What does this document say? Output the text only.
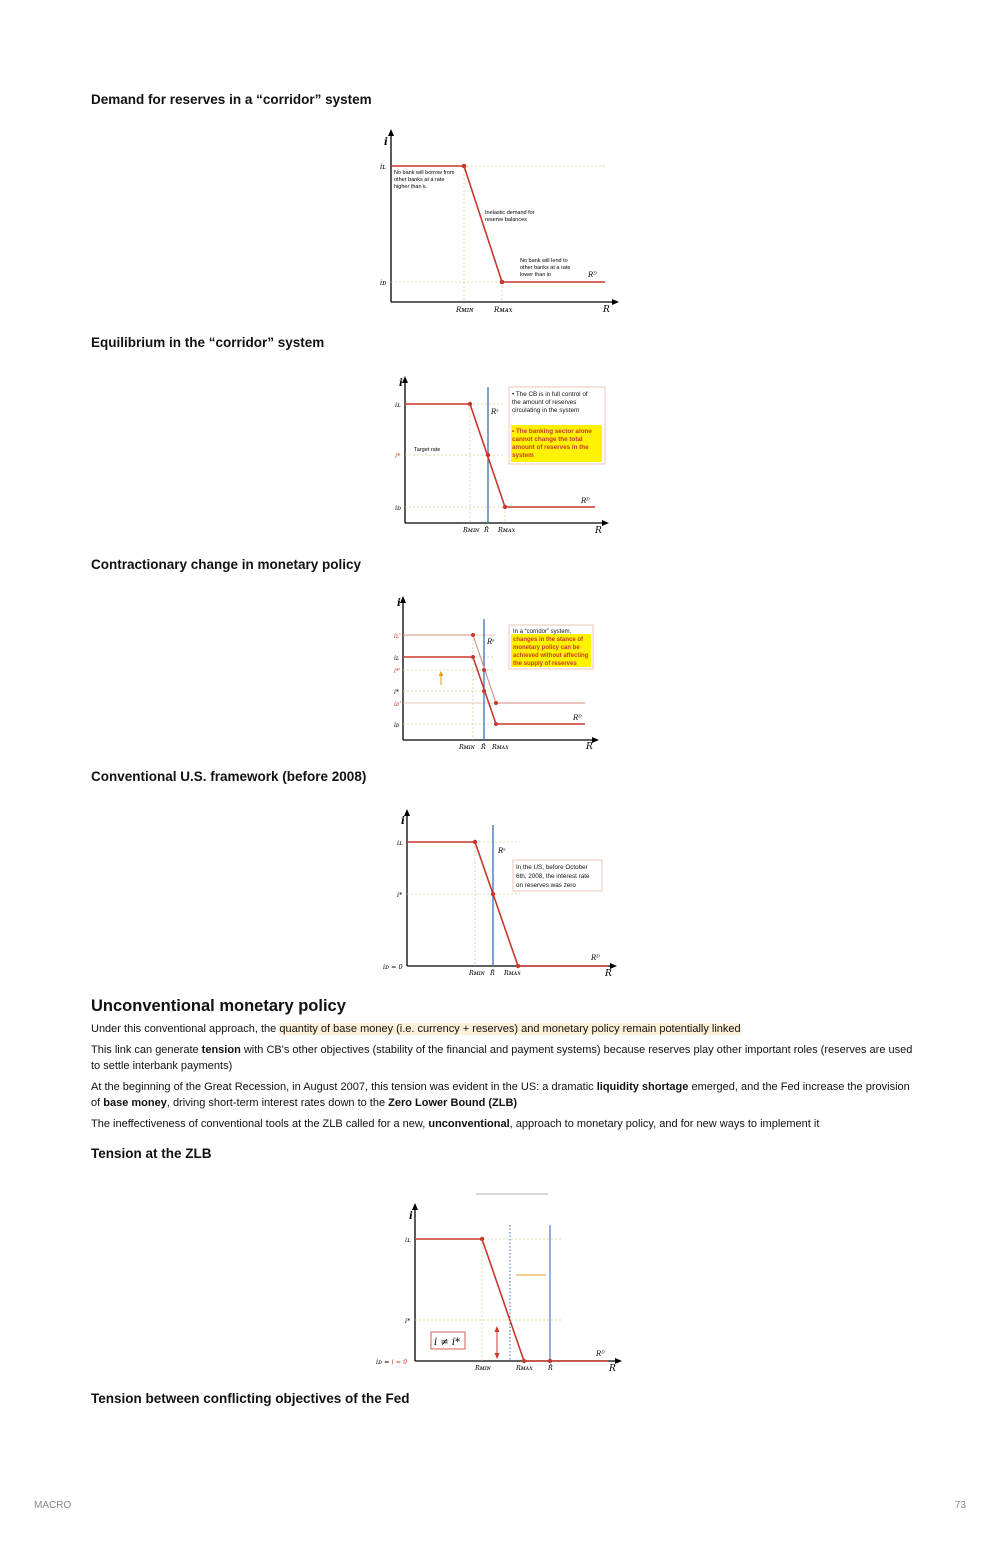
Demand for reserves in a “corridor” system
i
iʟ
iᴅ
Rᴍɪɴ	Rᴍᴀx	R
Rᴰ
No bank will borrow from other banks at a rate higher than iʟ
Inelastic demand for reserve balances
No bank will lend to other banks at a rate lower than iᴅ
Equilibrium in the “corridor” system
i
iʟ
i*
Target rate
iᴅ
Rᴍɪɴ R̄ Rᴍᴀx	R
Rˢ
Rᴰ
• The CB is in full control of the amount of reserves circulating in the system
• The banking sector alone cannot change the total amount of reserves in the system
Contractionary change in monetary policy
i
iʟ'
iʟ
i*'
i*
iᴅ'
iᴅ
Rᴍɪɴ R̄ Rᴍᴀx	R
Rˢ
Rᴰ
In a “corridor” system, changes in the stance of monetary policy can be achieved without affecting the supply of reserves
Conventional U.S. framework (before 2008)
i
iʟ
i*
iᴅ = 0
Rᴍɪɴ R̄ Rᴍᴀx	R
Rˢ
Rᴰ
In the US, before October 6th, 2008, the interest rate on reserves was zero
Unconventional monetary policy

Under this conventional approach, the quantity of base money (i.e. currency + reserves) and monetary policy remain potentially linked

This link can generate tension with CB's other objectives (stability of the financial and payment systems) because reserves play other important roles (reserves are used to settle interbank payments)

At the beginning of the Great Recession, in August 2007, this tension was evident in the US: a dramatic liquidity shortage emerged, and the Fed increase the provision of base money, driving short-term interest rates down to the Zero Lower Bound (ZLB)

The ineffectiveness of conventional tools at the ZLB called for a new, unconventional, approach to monetary policy, and for new ways to implement it

Tension at the ZLB
i ≠ i*
i
iʟ
i*
iᴅ = i = 0
Rᴍɪɴ	Rᴍᴀx R̄	R
Rᴰ
Tension between conflicting objectives of the Fed
MACRO	73
